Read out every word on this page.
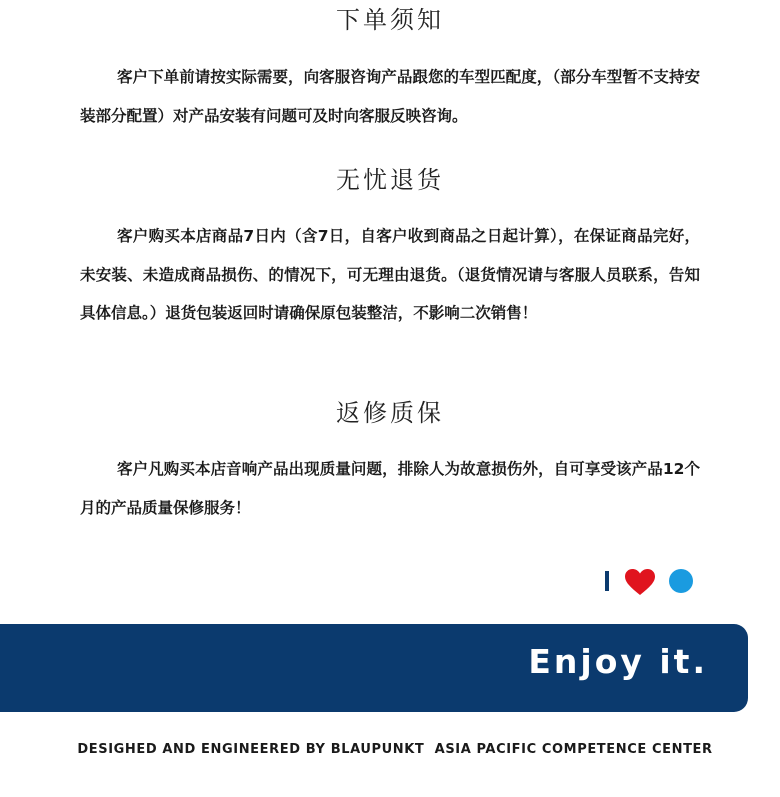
下单须知

客户下单前请按实际需要，向客服咨询产品跟您的车型匹配度，（部分车型暂不支持安装部分配置）对产品安装有问题可及时向客服反映咨询。

无忧退货

客户购买本店商品7日内（含7日，自客户收到商品之日起计算），在保证商品完好，未安装、未造成商品损伤、的情况下，可无理由退货。（退货情况请与客服人员联系，告知具体信息。）退货包装返回时请确保原包装整洁，不影响二次销售！

返修质保

客户凡购买本店音响产品出现质量问题，排除人为故意损伤外，自可享受该产品12个月的产品质量保修服务！

Enjoy it.
DESIGHED AND ENGINEERED BY BLAUPUNKT  ASIA PACIFIC COMPETENCE CENTER
